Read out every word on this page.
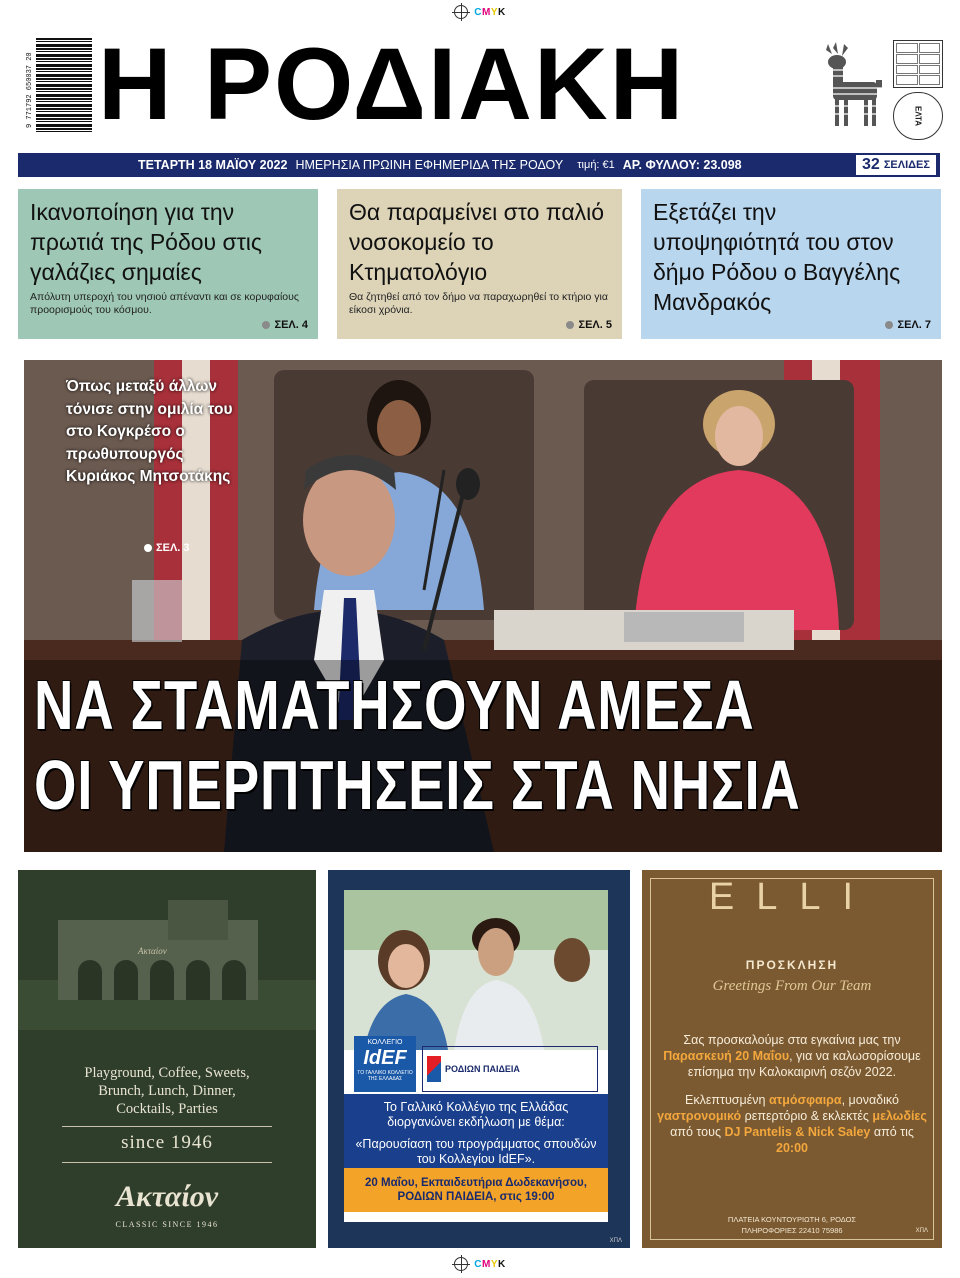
CMYK
9 771792 650037 20 Η ΡΟΔΙΑΚΗ	ΕΛΤΑ
ΤΕΤΑΡΤΗ 18 ΜΑΪΟΥ 2022 ΗΜΕΡΗΣΙΑ ΠΡΩΙΝΗ ΕΦΗΜΕΡΙΔΑ ΤΗΣ ΡΟΔΟΥ τιμή: €1 ΑΡ. ΦΥΛΛΟΥ: 23.098	32 ΣΕΛΙΔΕΣ
Ικανοποίηση για την πρωτιά της Ρόδου στις γαλάζιες σημαίες
Απόλυτη υπεροχή του νησιού απέναντι και σε κορυφαίους προορισμούς του κόσμου.
ΣΕΛ. 4
Θα παραμείνει στο παλιό νοσοκομείο το Κτηματολόγιο
Θα ζητηθεί από τον δήμο να παραχωρηθεί το κτήριο για είκοσι χρόνια.
ΣΕΛ. 5
Εξετάζει την υποψηφιότητά του στον δήμο Ρόδου ο Βαγγέλης Μανδρακός
ΣΕΛ. 7
Όπως μεταξύ άλλων τόνισε στην ομιλία του στο Κογκρέσο ο πρωθυπουργός Κυριάκος Μητσοτάκης
ΣΕΛ. 3
ΝΑ ΣΤΑΜΑΤΗΣΟΥΝ ΑΜΕΣΑ
ΟΙ ΥΠΕΡΠΤΗΣΕΙΣ ΣΤΑ ΝΗΣΙΑ
Ακταίον
Playground, Coffee, Sweets,
Brunch, Lunch, Dinner,
Cocktails, Parties
since 1946
Ακταίον
CLASSIC SINCE 1946
ΚΟΛΛΕΓΙΟ
IdEF
ΤΟ ΓΑΛΛΙΚΟ ΚΟΛΛΕΓΙΟ ΤΗΣ ΕΛΛΑΔΑΣ
ΡΟΔΙΩΝ ΠΑΙΔΕΙΑ
Το Γαλλικό Κολλέγιο της Ελλάδας διοργανώνει εκδήλωση με θέμα:
«Παρουσίαση του προγράμματος σπουδών του Κολλεγίου IdEF».
20 Μαΐου, Εκπαιδευτήρια Δωδεκανήσου, ΡΟΔΙΩΝ ΠΑΙΔΕΙΑ, στις 19:00
ΧΠΛ
ELLI
ΠΡΟΣΚΛΗΣΗ
Greetings From Our Team
Σας προσκαλούμε στα εγκαίνια μας την Παρασκευή 20 Μαΐου, για να καλωσορίσουμε επίσημα την Καλοκαιρινή σεζόν 2022.
Εκλεπτυσμένη ατμόσφαιρα, μοναδικό γαστρονομικό ρεπερτόριο & εκλεκτές μελωδίες από τους DJ Pantelis & Nick Saley από τις 20:00
ΠΛΑΤΕΙΑ ΚΟΥΝΤΟΥΡΙΩΤΗ 6, ΡΟΔΟΣ
ΠΛΗΡΟΦΟΡΙΕΣ 22410 75986	ΧΠΛ
CMYK
